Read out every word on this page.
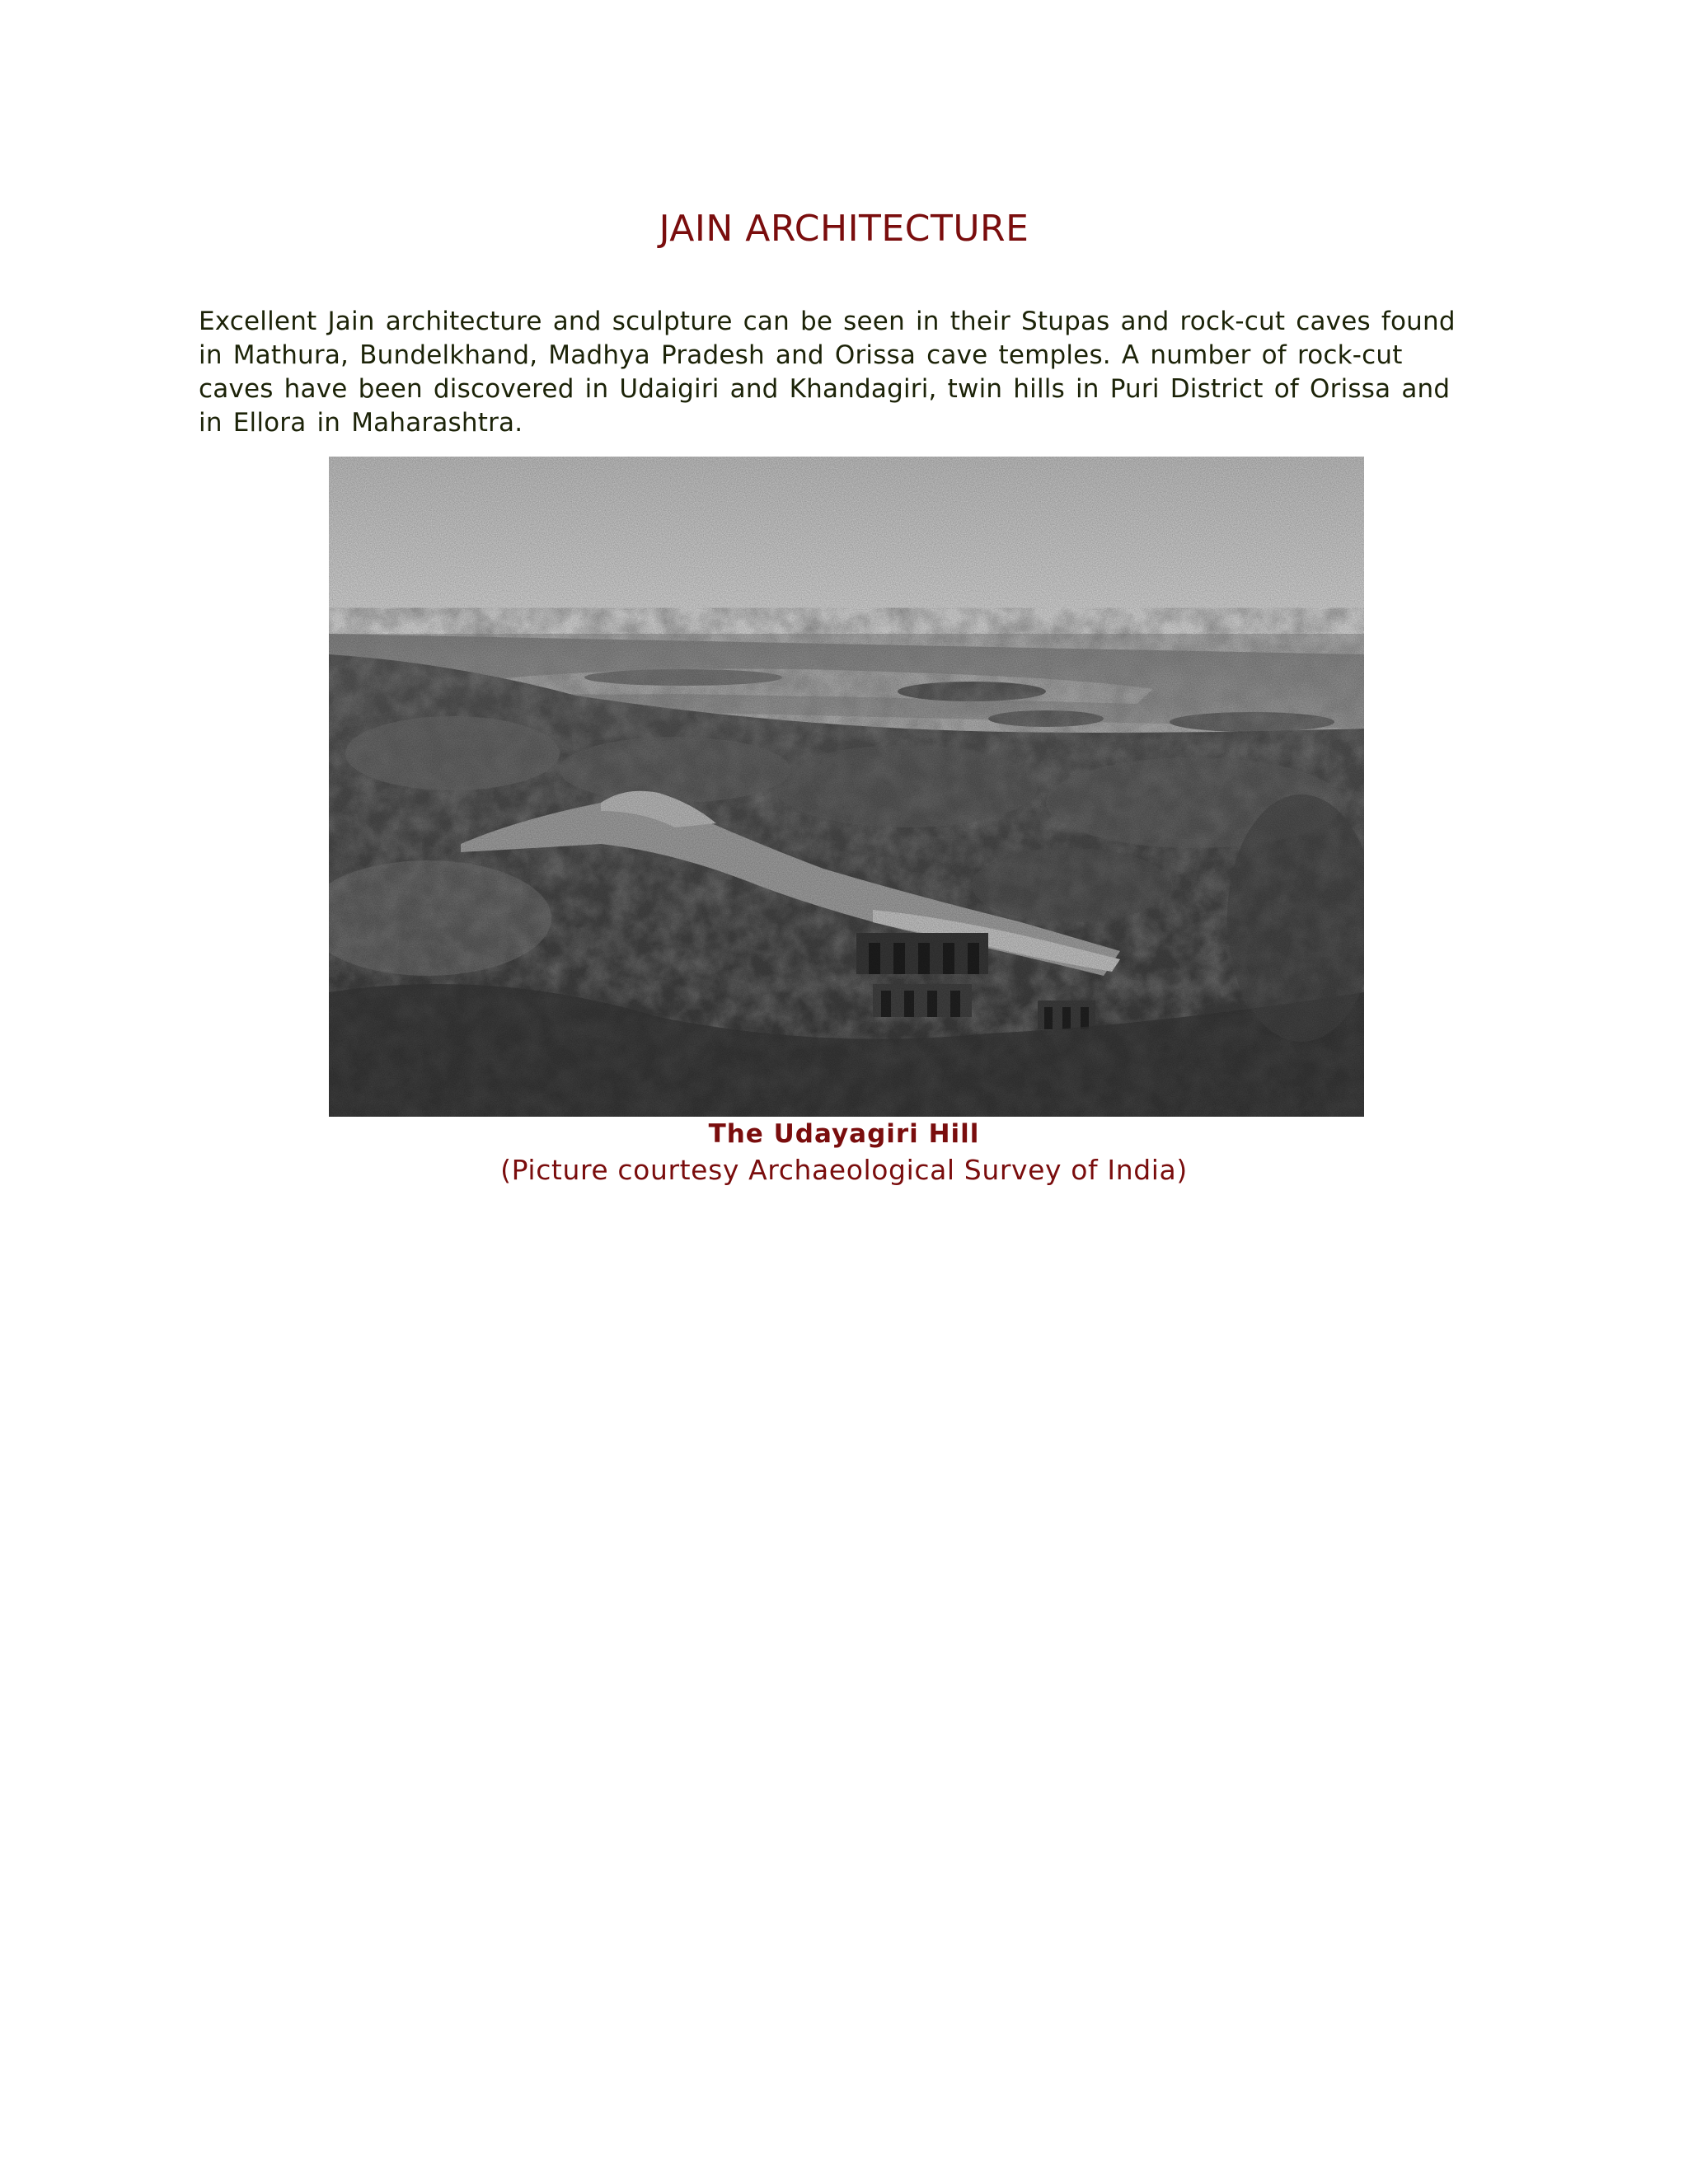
JAIN ARCHITECTURE

Excellent Jain architecture and sculpture can be seen in their Stupas and rock-cut caves found in Mathura, Bundelkhand, Madhya Pradesh and Orissa cave temples. A number of rock-cut caves have been discovered in Udaigiri and Khandagiri, twin hills in Puri District of Orissa and in Ellora in Maharashtra.

The Udayagiri Hill

(Picture courtesy Archaeological Survey of India)
